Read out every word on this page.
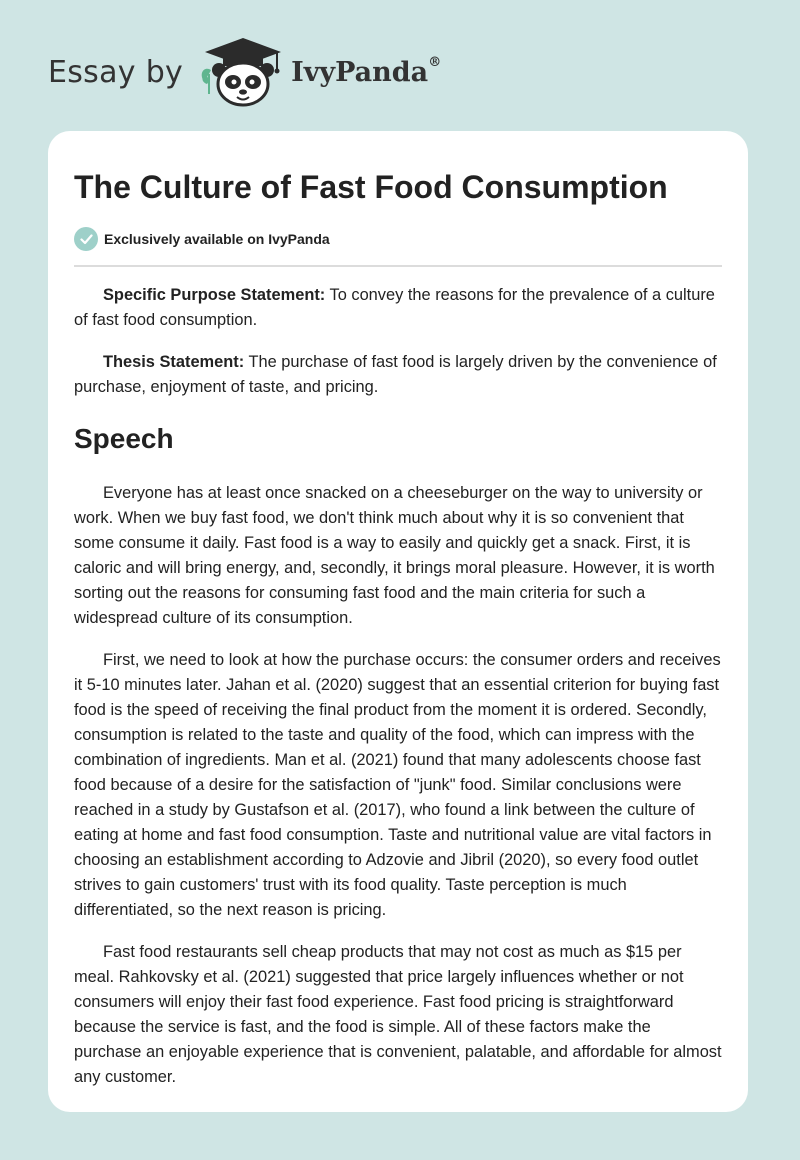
Essay by	IvyPanda®
The Culture of Fast Food Consumption
Exclusively available on IvyPanda

Specific Purpose Statement: To convey the reasons for the prevalence of a culture of fast food consumption.

Thesis Statement: The purchase of fast food is largely driven by the convenience of purchase, enjoyment of taste, and pricing.

Speech

Everyone has at least once snacked on a cheeseburger on the way to university or work. When we buy fast food, we don't think much about why it is so convenient that some consume it daily. Fast food is a way to easily and quickly get a snack. First, it is caloric and will bring energy, and, secondly, it brings moral pleasure. However, it is worth sorting out the reasons for consuming fast food and the main criteria for such a widespread culture of its consumption.

First, we need to look at how the purchase occurs: the consumer orders and receives it 5-10 minutes later. Jahan et al. (2020) suggest that an essential criterion for buying fast food is the speed of receiving the final product from the moment it is ordered. Secondly, consumption is related to the taste and quality of the food, which can impress with the combination of ingredients. Man et al. (2021) found that many adolescents choose fast food because of a desire for the satisfaction of "junk" food. Similar conclusions were reached in a study by Gustafson et al. (2017), who found a link between the culture of eating at home and fast food consumption. Taste and nutritional value are vital factors in choosing an establishment according to Adzovie and Jibril (2020), so every food outlet strives to gain customers' trust with its food quality. Taste perception is much differentiated, so the next reason is pricing.

Fast food restaurants sell cheap products that may not cost as much as $15 per meal. Rahkovsky et al. (2021) suggested that price largely influences whether or not consumers will enjoy their fast food experience. Fast food pricing is straightforward because the service is fast, and the food is simple. All of these factors make the purchase an enjoyable experience that is convenient, palatable, and affordable for almost any customer.
